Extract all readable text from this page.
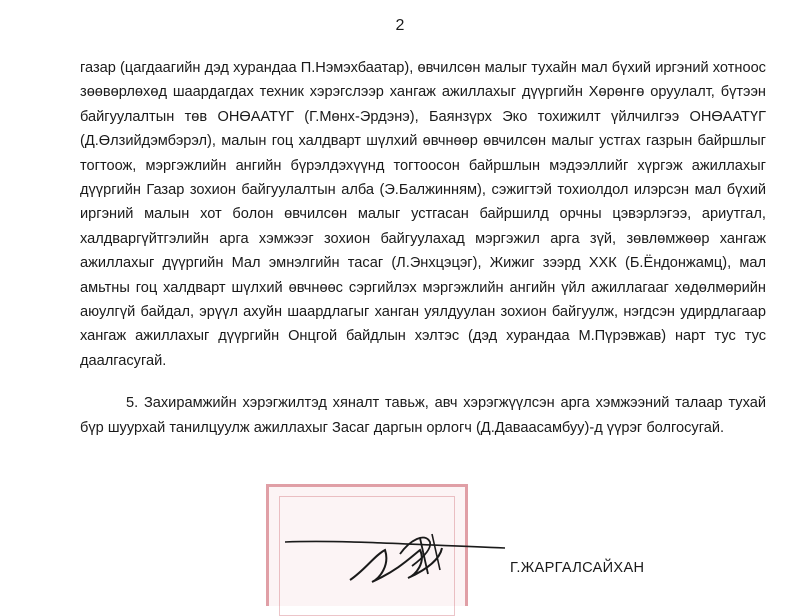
2

газар (цагдаагийн дэд хурандаа П.Нэмэхбаатар), өвчилсөн малыг тухайн мал бүхий иргэний хотноос зөөвөрлөхөд шаардагдах техник хэрэгслээр хангаж ажиллахыг дүүргийн Хөрөнгө оруулалт, бүтээн байгуулалтын төв ОНӨААТҮГ (Г.Мөнх-Эрдэнэ), Баянзүрх Эко тохижилт үйлчилгээ ОНӨААТҮГ (Д.Өлзийдэмбэрэл), малын гоц халдварт шүлхий өвчнөөр өвчилсөн малыг устгах газрын байршлыг тогтоож, мэргэжлийн ангийн бүрэлдэхүүнд тогтоосон байршлын мэдээллийг хүргэж ажиллахыг дүүргийн Газар зохион байгуулалтын алба (Э.Балжинням), сэжигтэй тохиолдол илэрсэн мал бүхий иргэний малын хот болон өвчилсөн малыг устгасан байршилд орчны цэвэрлэгээ, ариутгал, халдваргүйтгэлийн арга хэмжээг зохион байгуулахад мэргэжил арга зүй, зөвлөмжөөр хангаж ажиллахыг дүүргийн Мал эмнэлгийн тасаг (Л.Энхцэцэг), Жижиг зээрд ХХК (Б.Ёндонжамц), мал амьтны гоц халдварт шүлхий өвчнөөс сэргийлэх мэргэжлийн ангийн үйл ажиллагааг хөдөлмөрийн аюулгүй байдал, эрүүл ахуйн шаардлагыг ханган уялдуулан зохион байгуулж, нэгдсэн удирдлагаар хангаж ажиллахыг дүүргийн Онцгой байдлын хэлтэс (дэд хурандаа М.Пүрэвжав) нарт тус тус даалгасугай.

5. Захирамжийн хэрэгжилтэд хяналт тавьж, авч хэрэгжүүлсэн арга хэмжээний талаар тухай бүр шуурхай танилцуулж ажиллахыг Засаг даргын орлогч (Д.Даваасамбуу)-д үүрэг болгосугай.

Г.ЖАРГАЛСАЙХАН
